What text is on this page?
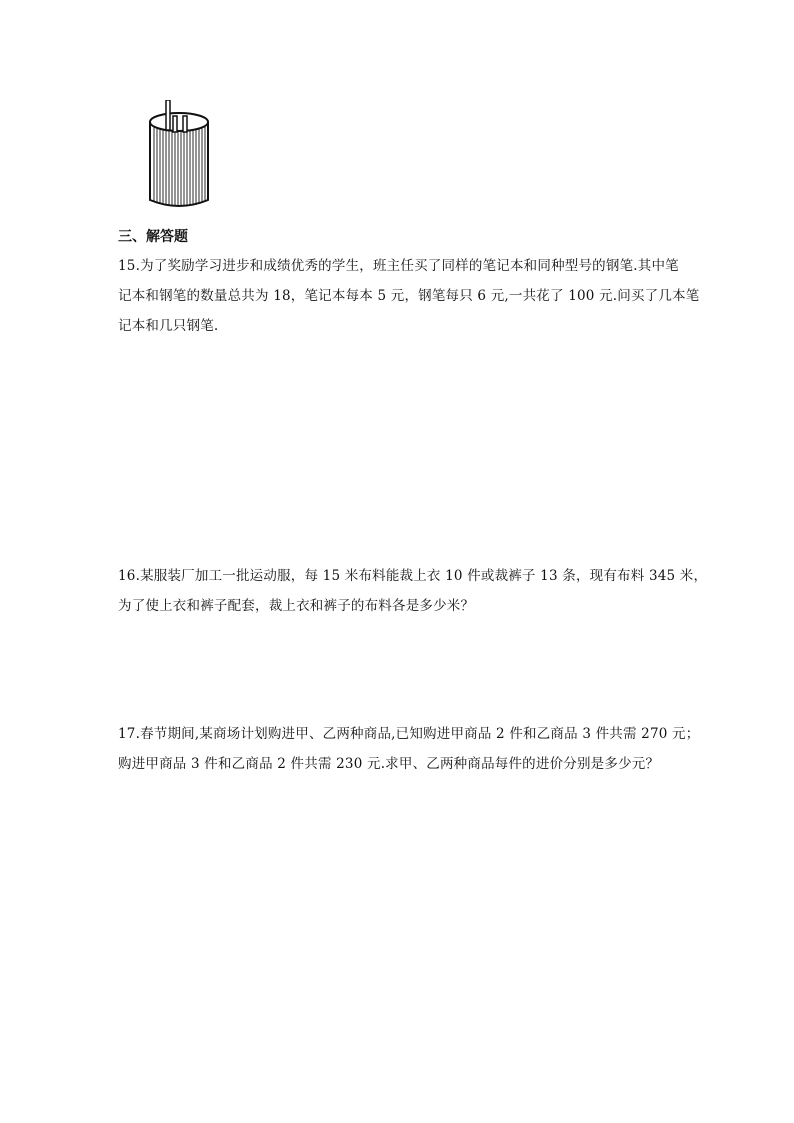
三、解答题
15.为了奖励学习进步和成绩优秀的学生，班主任买了同样的笔记本和同种型号的钢笔.其中笔
记本和钢笔的数量总共为 18，笔记本每本 5 元，钢笔每只 6 元,一共花了 100 元.问买了几本笔
记本和几只钢笔.
16.某服装厂加工一批运动服，每 15 米布料能裁上衣 10 件或裁裤子 13 条，现有布料 345 米，
为了使上衣和裤子配套，裁上衣和裤子的布料各是多少米？
17.春节期间,某商场计划购进甲、乙两种商品,已知购进甲商品 2 件和乙商品 3 件共需 270 元；
购进甲商品 3 件和乙商品 2 件共需 230 元.求甲、乙两种商品每件的进价分别是多少元？
